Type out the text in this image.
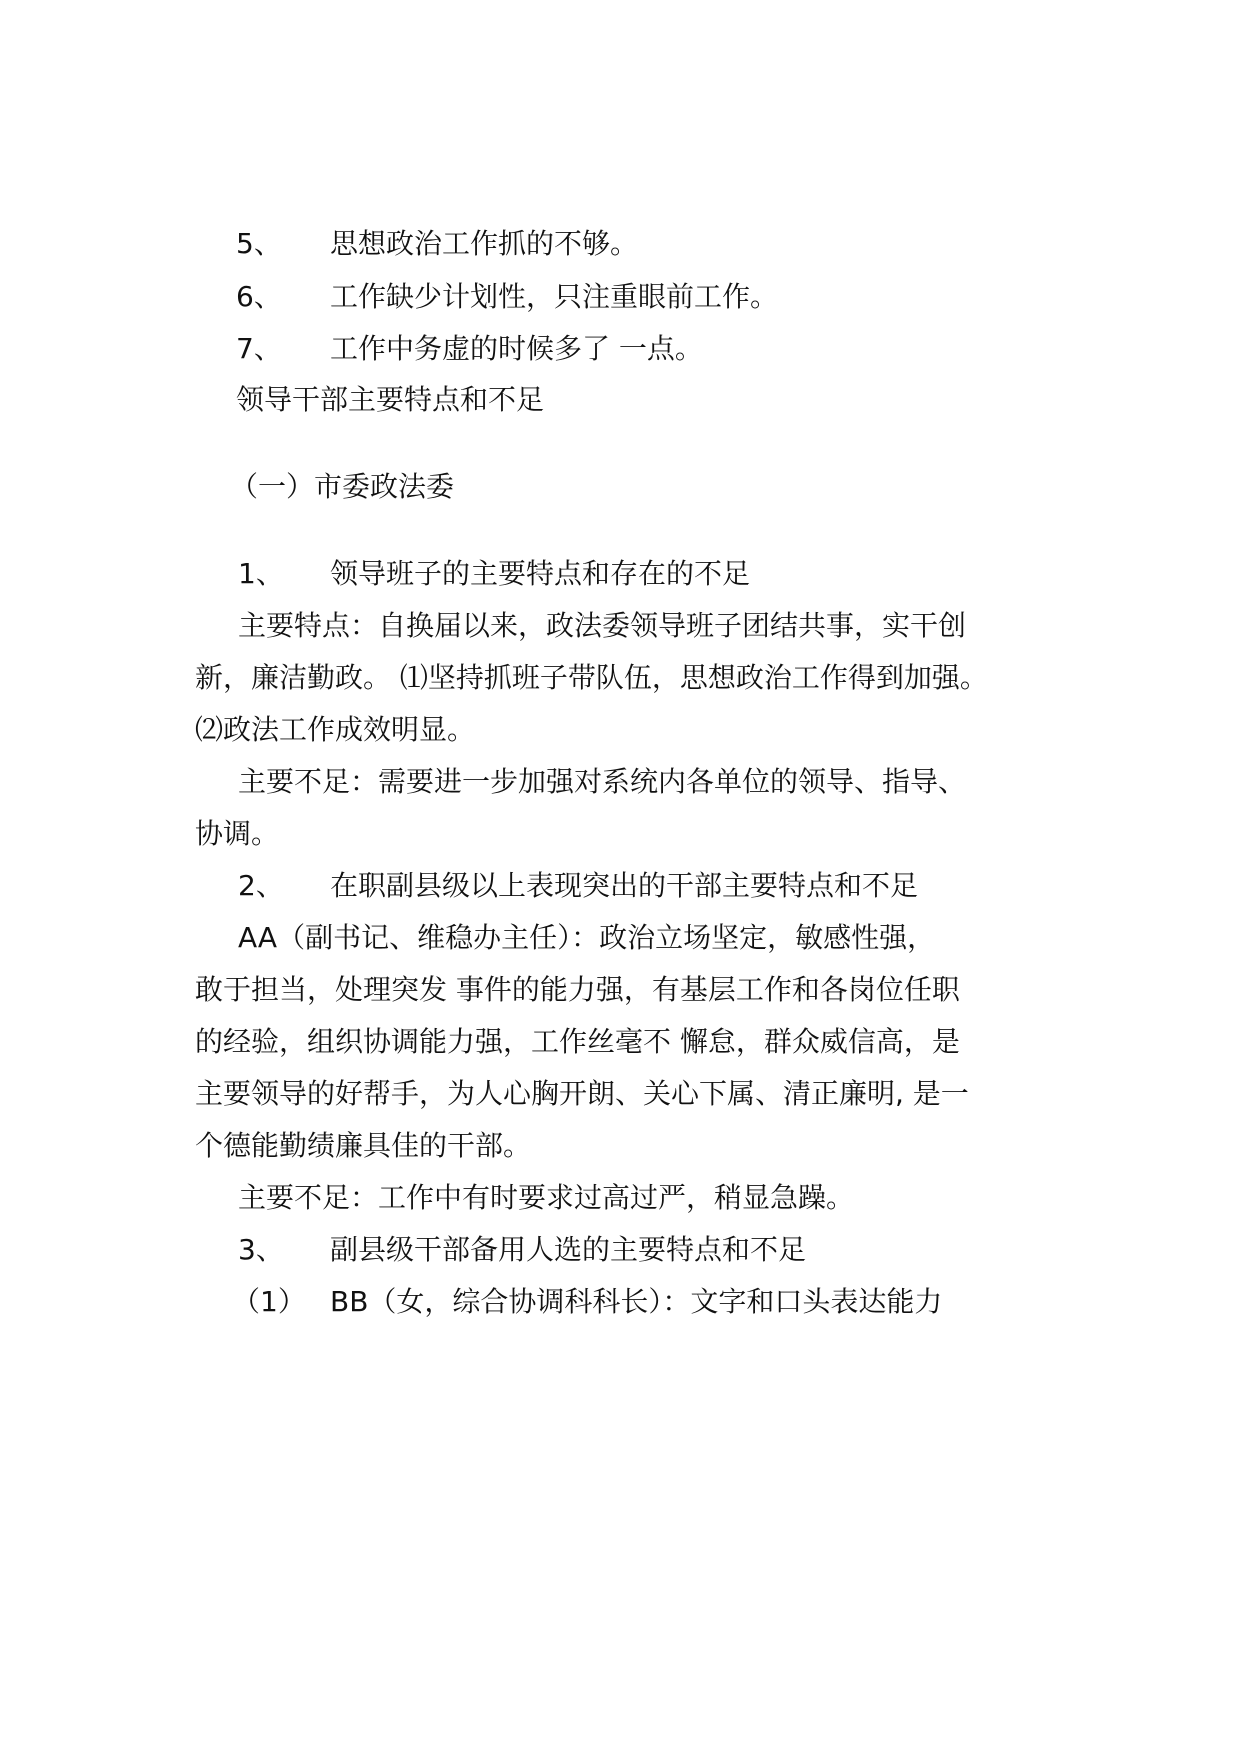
5、 思想政治工作抓的不够。
6、 工作缺少计划性，只注重眼前工作。
7、 工作中务虚的时候多了 一点。
领导干部主要特点和不足
（一）市委政法委
1、 领导班子的主要特点和存在的不足
主要特点：自换届以来，政法委领导班子团结共事，实干创
新，廉洁勤政。 ⑴坚持抓班子带队伍，思想政治工作得到加强。
⑵政法工作成效明显。
主要不足：需要进一步加强对系统内各单位的领导、指导、
协调。
2、 在职副县级以上表现突出的干部主要特点和不足
AA（副书记、维稳办主任）：政治立场坚定，敏感性强，
敢于担当，处理突发 事件的能力强，有基层工作和各岗位任职
的经验，组织协调能力强，工作丝毫不 懈怠，群众威信高，是
主要领导的好帮手，为人心胸开朗、关心下属、清正廉明, 是一
个德能勤绩廉具佳的干部。
主要不足：工作中有时要求过高过严，稍显急躁。
3、 副县级干部备用人选的主要特点和不足
（1） BB（女，综合协调科科长）：文字和口头表达能力
